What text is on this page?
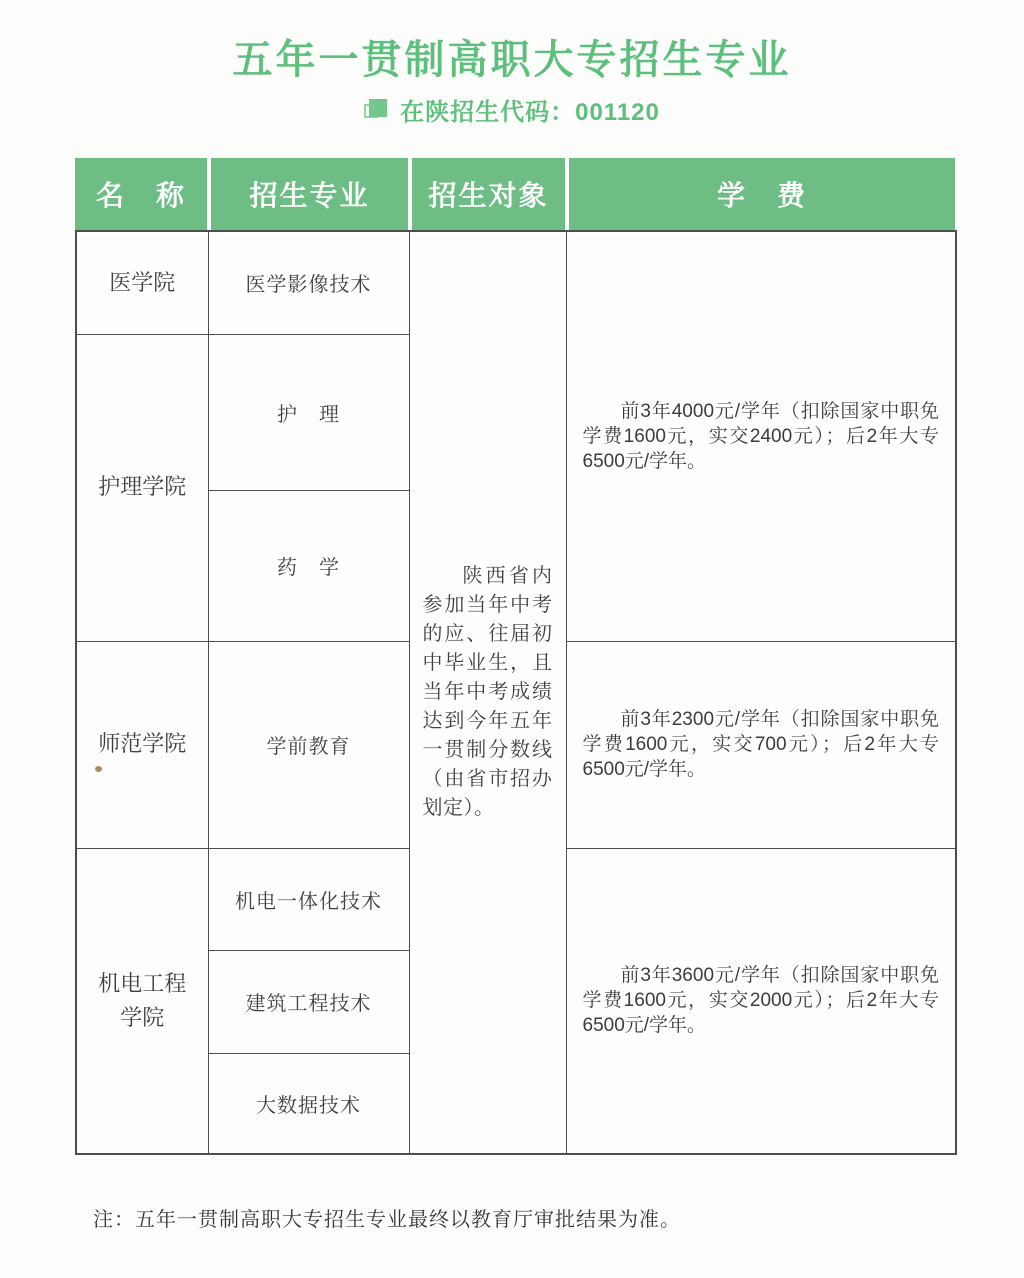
五年一贯制高职大专招生专业
在陕招生代码：001120
名　称	招生专业	招生对象	学　费
医学院	医学影像技术	陕西省内参加当年中考的应、往届初中毕业生，且当年中考成绩达到今年五年一贯制分数线（由省市招办划定）。	前3年4000元/学年（扣除国家中职免学费1600元，实交2400元）；后2年大专6500元/学年。

护理学院	护　理		
	药　学		
师范学院	学前教育		前3年2300元/学年（扣除国家中职免学费1600元，实交700元）；后2年大专6500元/学年。

机电工程学院	机电一体化技术		前3年3600元/学年（扣除国家中职免学费1600元，实交2000元）；后2年大专6500元/学年。

	建筑工程技术		
	大数据技术		
注：五年一贯制高职大专招生专业最终以教育厅审批结果为准。
